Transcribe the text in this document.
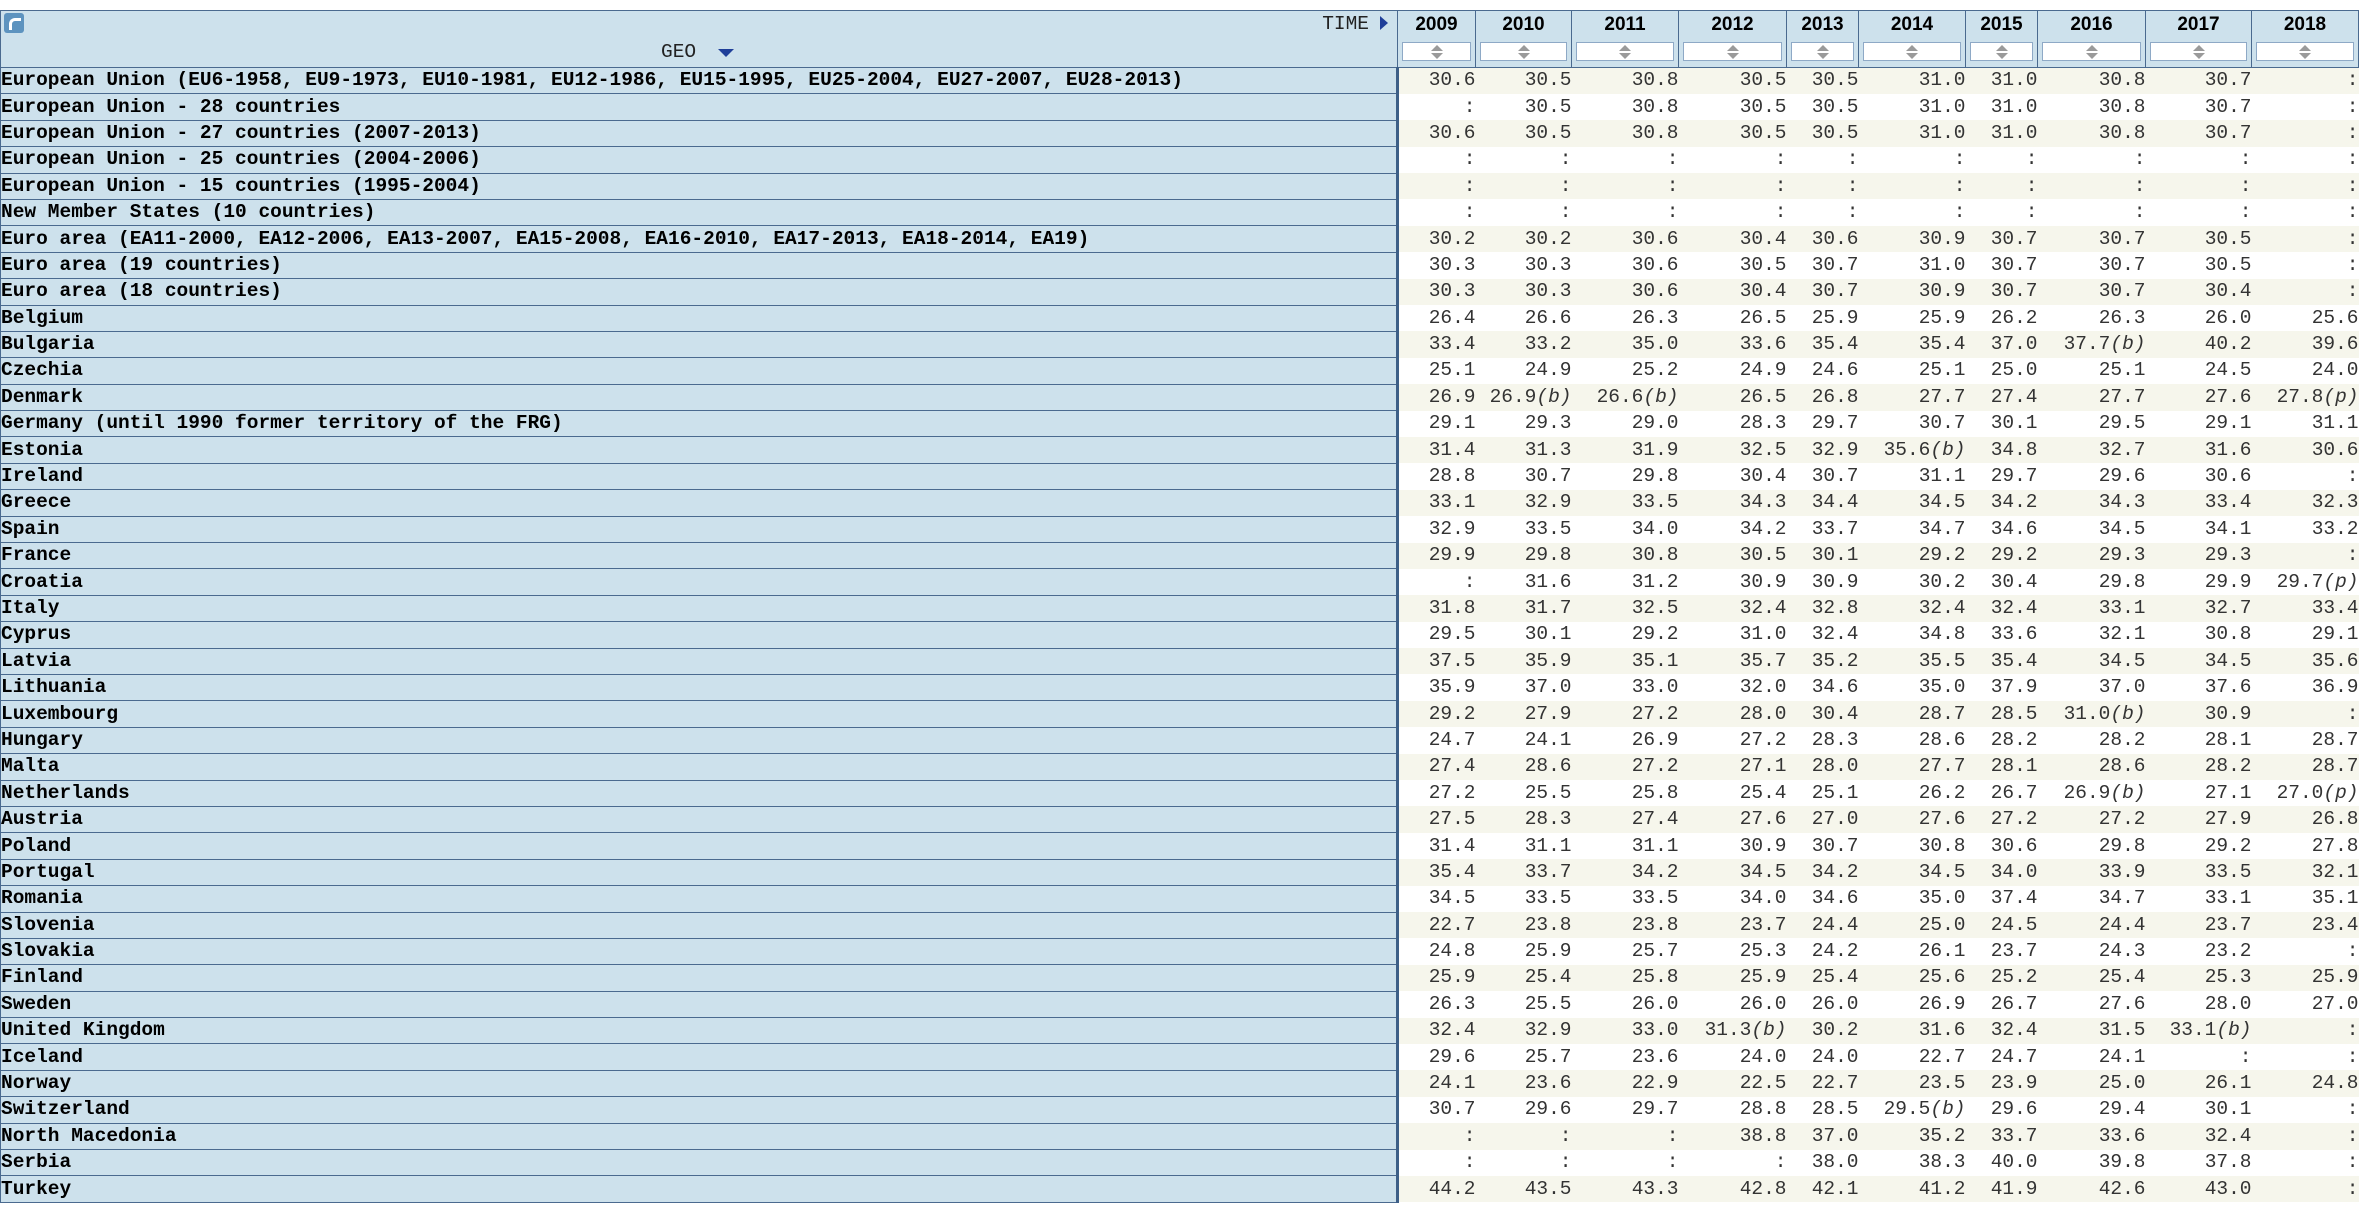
TIME
GEO	2009	2010	2011	2012	2013	2014	2015	2016	2017	2018

European Union (EU6-1958, EU9-1973, EU10-1981, EU12-1986, EU15-1995, EU25-2004, EU27-2007, EU28-2013)	30.6	30.5	30.8	30.5	30.5	31.0	31.0	30.8	30.7	:
European Union - 28 countries	:	30.5	30.8	30.5	30.5	31.0	31.0	30.8	30.7	:
European Union - 27 countries (2007-2013)	30.6	30.5	30.8	30.5	30.5	31.0	31.0	30.8	30.7	:
European Union - 25 countries (2004-2006)	:	:	:	:	:	:	:	:	:	:
European Union - 15 countries (1995-2004)	:	:	:	:	:	:	:	:	:	:
New Member States (10 countries)	:	:	:	:	:	:	:	:	:	:
Euro area (EA11-2000, EA12-2006, EA13-2007, EA15-2008, EA16-2010, EA17-2013, EA18-2014, EA19)	30.2	30.2	30.6	30.4	30.6	30.9	30.7	30.7	30.5	:
Euro area (19 countries)	30.3	30.3	30.6	30.5	30.7	31.0	30.7	30.7	30.5	:
Euro area (18 countries)	30.3	30.3	30.6	30.4	30.7	30.9	30.7	30.7	30.4	:
Belgium	26.4	26.6	26.3	26.5	25.9	25.9	26.2	26.3	26.0	25.6
Bulgaria	33.4	33.2	35.0	33.6	35.4	35.4	37.0	37.7(b)	40.2	39.6
Czechia	25.1	24.9	25.2	24.9	24.6	25.1	25.0	25.1	24.5	24.0
Denmark	26.9	26.9(b)	26.6(b)	26.5	26.8	27.7	27.4	27.7	27.6	27.8(p)
Germany (until 1990 former territory of the FRG)	29.1	29.3	29.0	28.3	29.7	30.7	30.1	29.5	29.1	31.1
Estonia	31.4	31.3	31.9	32.5	32.9	35.6(b)	34.8	32.7	31.6	30.6
Ireland	28.8	30.7	29.8	30.4	30.7	31.1	29.7	29.6	30.6	:
Greece	33.1	32.9	33.5	34.3	34.4	34.5	34.2	34.3	33.4	32.3
Spain	32.9	33.5	34.0	34.2	33.7	34.7	34.6	34.5	34.1	33.2
France	29.9	29.8	30.8	30.5	30.1	29.2	29.2	29.3	29.3	:
Croatia	:	31.6	31.2	30.9	30.9	30.2	30.4	29.8	29.9	29.7(p)
Italy	31.8	31.7	32.5	32.4	32.8	32.4	32.4	33.1	32.7	33.4
Cyprus	29.5	30.1	29.2	31.0	32.4	34.8	33.6	32.1	30.8	29.1
Latvia	37.5	35.9	35.1	35.7	35.2	35.5	35.4	34.5	34.5	35.6
Lithuania	35.9	37.0	33.0	32.0	34.6	35.0	37.9	37.0	37.6	36.9
Luxembourg	29.2	27.9	27.2	28.0	30.4	28.7	28.5	31.0(b)	30.9	:
Hungary	24.7	24.1	26.9	27.2	28.3	28.6	28.2	28.2	28.1	28.7
Malta	27.4	28.6	27.2	27.1	28.0	27.7	28.1	28.6	28.2	28.7
Netherlands	27.2	25.5	25.8	25.4	25.1	26.2	26.7	26.9(b)	27.1	27.0(p)
Austria	27.5	28.3	27.4	27.6	27.0	27.6	27.2	27.2	27.9	26.8
Poland	31.4	31.1	31.1	30.9	30.7	30.8	30.6	29.8	29.2	27.8
Portugal	35.4	33.7	34.2	34.5	34.2	34.5	34.0	33.9	33.5	32.1
Romania	34.5	33.5	33.5	34.0	34.6	35.0	37.4	34.7	33.1	35.1
Slovenia	22.7	23.8	23.8	23.7	24.4	25.0	24.5	24.4	23.7	23.4
Slovakia	24.8	25.9	25.7	25.3	24.2	26.1	23.7	24.3	23.2	:
Finland	25.9	25.4	25.8	25.9	25.4	25.6	25.2	25.4	25.3	25.9
Sweden	26.3	25.5	26.0	26.0	26.0	26.9	26.7	27.6	28.0	27.0
United Kingdom	32.4	32.9	33.0	31.3(b)	30.2	31.6	32.4	31.5	33.1(b)	:
Iceland	29.6	25.7	23.6	24.0	24.0	22.7	24.7	24.1	:	:
Norway	24.1	23.6	22.9	22.5	22.7	23.5	23.9	25.0	26.1	24.8
Switzerland	30.7	29.6	29.7	28.8	28.5	29.5(b)	29.6	29.4	30.1	:
North Macedonia	:	:	:	38.8	37.0	35.2	33.7	33.6	32.4	:
Serbia	:	:	:	:	38.0	38.3	40.0	39.8	37.8	:
Turkey	44.2	43.5	43.3	42.8	42.1	41.2	41.9	42.6	43.0	:
